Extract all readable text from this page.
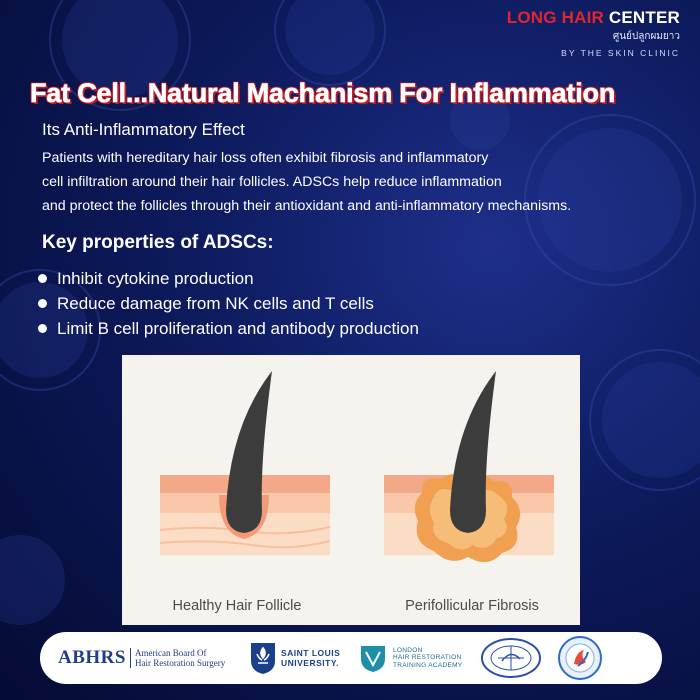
LONG HAIR CENTER
ศูนย์ปลูกผมยาว
BY THE SKIN CLINIC
Fat Cell...Natural Machanism For Inflammation
Its Anti-Inflammatory Effect
Patients with hereditary hair loss often exhibit fibrosis and inflammatory
cell infiltration around their hair follicles. ADSCs help reduce inflammation
and protect the follicles through their antioxidant and anti-inflammatory mechanisms.
Key properties of ADSCs:
Inhibit cytokine production
Reduce damage from NK cells and T cells
Limit B cell proliferation and antibody production
Healthy Hair Follicle	Perifollicular Fibrosis
ABHRS	American Board Of
Hair Restoration Surgery
SAINT LOUIS
UNIVERSITY.
LONDON
HAIR RESTORATION
TRAINING ACADEMY
